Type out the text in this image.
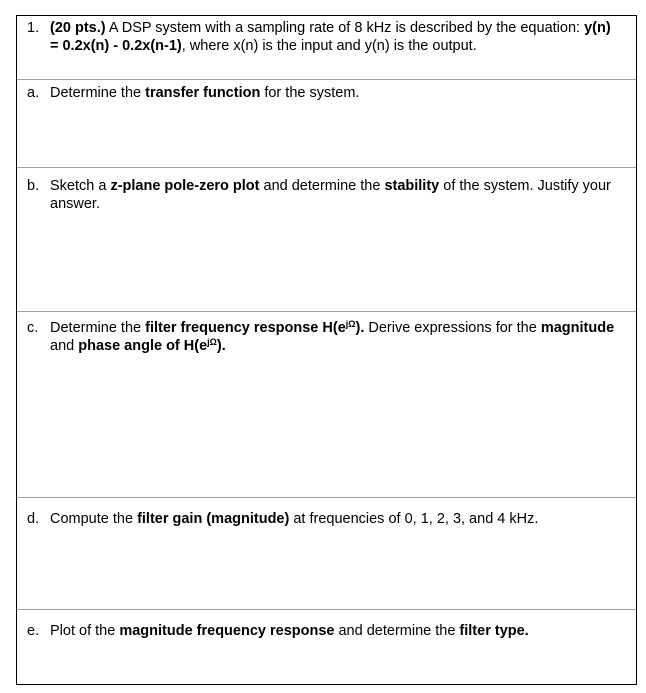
1. (20 pts.) A DSP system with a sampling rate of 8 kHz is described by the equation: y(n) = 0.2x(n) - 0.2x(n-1), where x(n) is the input and y(n) is the output.
a. Determine the transfer function for the system.
b. Sketch a z-plane pole-zero plot and determine the stability of the system. Justify your answer.
c. Determine the filter frequency response $H(e^{j\Omega})$. Derive expressions for the magnitude and phase angle of $H(e^{j\Omega})$.
d. Compute the filter gain (magnitude) at frequencies of 0, 1, 2, 3, and 4 kHz.
e. Plot of the magnitude frequency response and determine the filter type.
